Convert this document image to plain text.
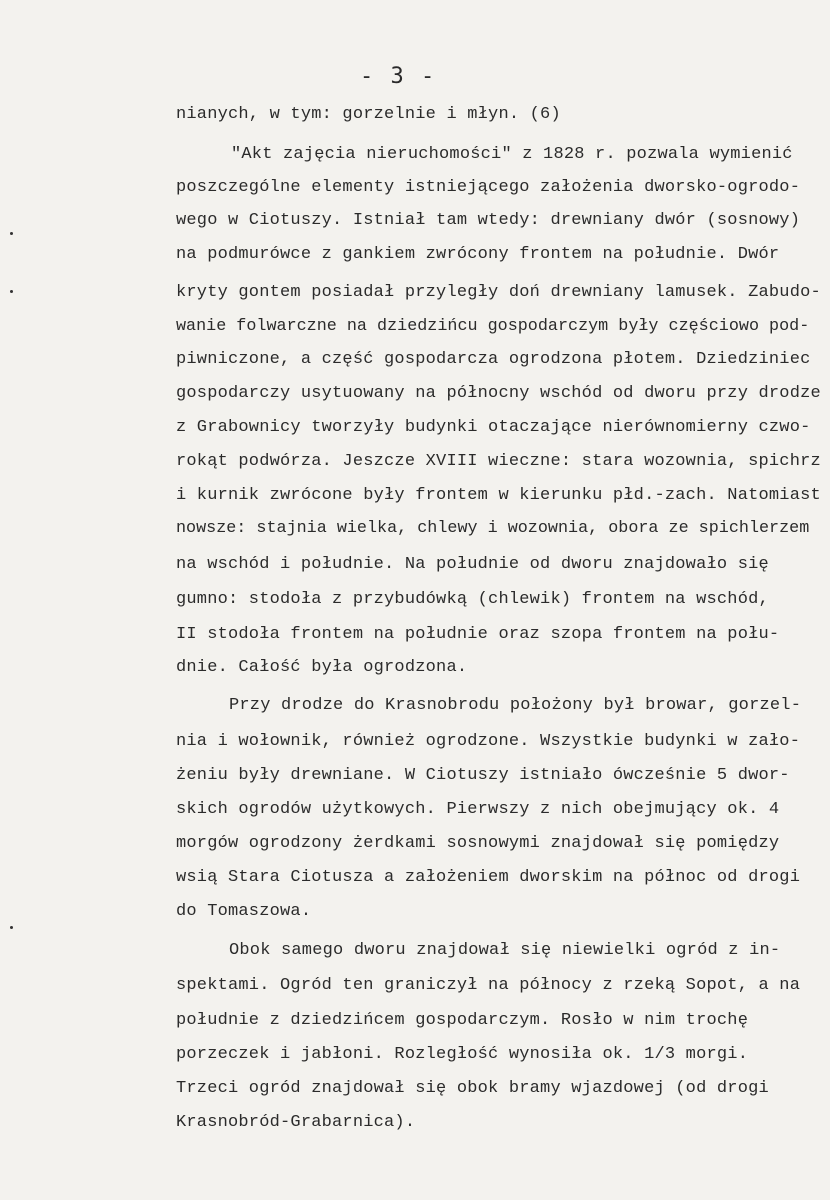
- 3 -
nianych, w tym: gorzelnie i młyn. (6)
"Akt zajęcia nieruchomości" z 1828 r. pozwala wymienić
poszczególne elementy istniejącego założenia dworsko-ogrodo-
wego w Ciotuszy. Istniał tam wtedy: drewniany dwór (sosnowy)
na podmurówce z gankiem zwrócony frontem na południe. Dwór
kryty gontem posiadał przyległy doń drewniany lamusek. Zabudo-
wanie folwarczne na dziedzińcu gospodarczym były częściowo pod-
piwniczone, a część gospodarcza ogrodzona płotem. Dziedziniec
gospodarczy usytuowany na północny wschód od dworu przy drodze
z Grabownicy tworzyły budynki otaczające nierównomierny czwo-
rokąt podwórza. Jeszcze XVIII wieczne: stara wozownia, spichrz
i kurnik zwrócone były frontem w kierunku płd.-zach. Natomiast
nowsze: stajnia wielka, chlewy i wozownia, obora ze spichlerzem
na wschód i południe. Na południe od dworu znajdowało się
gumno: stodoła z przybudówką (chlewik) frontem na wschód,
II stodoła frontem na południe oraz szopa frontem na połu-
dnie. Całość była ogrodzona.
Przy drodze do Krasnobrodu położony był browar, gorzel-
nia i wołownik, również ogrodzone. Wszystkie budynki w zało-
żeniu były drewniane. W Ciotuszy istniało ówcześnie 5 dwor-
skich ogrodów użytkowych. Pierwszy z nich obejmujący ok. 4
morgów ogrodzony żerdkami sosnowymi znajdował się pomiędzy
wsią Stara Ciotusza a założeniem dworskim na północ od drogi
do Tomaszowa.
Obok samego dworu znajdował się niewielki ogród z in-
spektami. Ogród ten graniczył na północy z rzeką Sopot, a na
południe z dziedzińcem gospodarczym. Rosło w nim trochę
porzeczek i jabłoni. Rozległość wynosiła ok. 1/3 morgi.
Trzeci ogród znajdował się obok bramy wjazdowej (od drogi
Krasnobród-Grabarnica).
